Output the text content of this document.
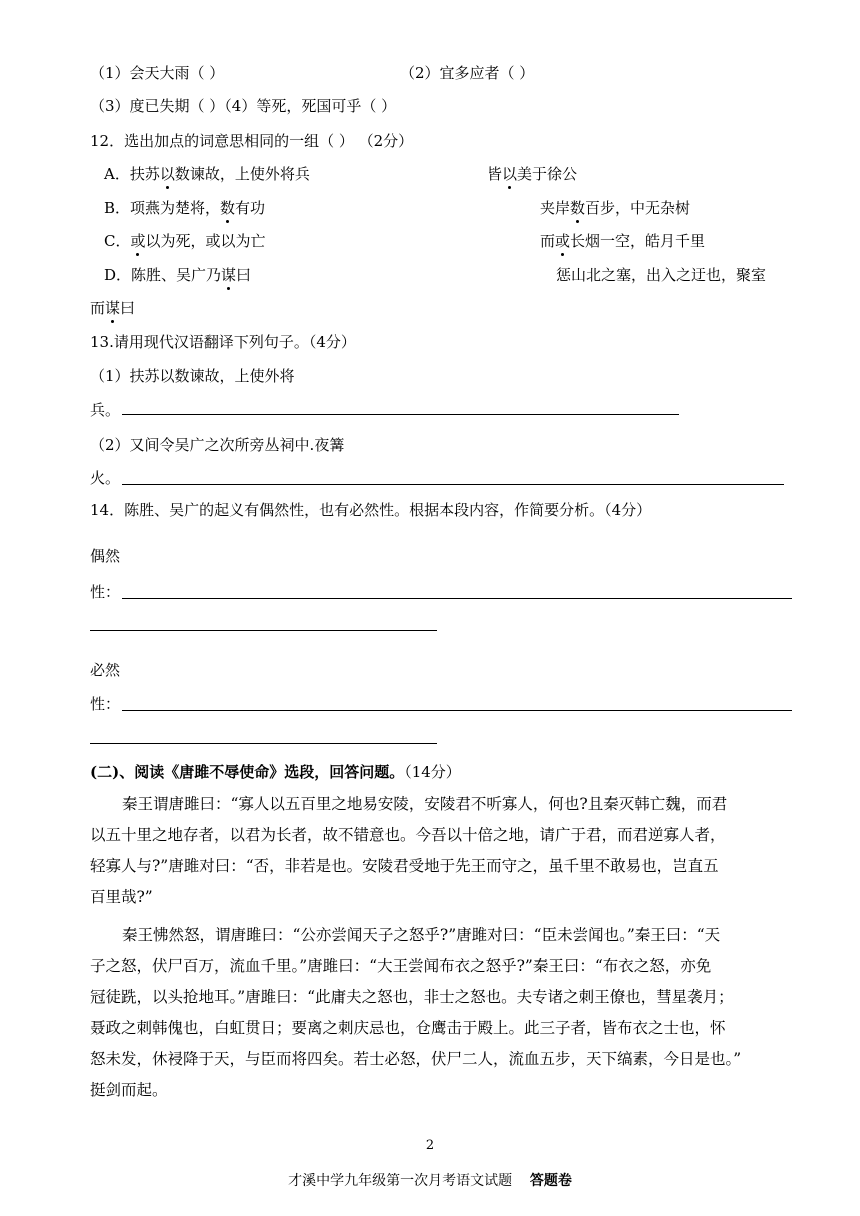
（1）会天大雨（ ）	（2）宜多应者（ ）
（3）度已失期（ ）（4）等死，死国可乎（ ）
12．选出加点的词意思相同的一组（ ） （2分）
A．扶苏以数谏故，上使外将兵	皆以美于徐公
B．项燕为楚将，数有功	夹岸数百步，中无杂树
C．或以为死，或以为亡	而或长烟一空，皓月千里
D．陈胜、吴广乃谋曰	惩山北之塞，出入之迂也，聚室
而谋曰
13.请用现代汉语翻译下列句子。（4分）
（1）扶苏以数谏故，上使外将
兵。
（2）又间令吴广之次所旁丛祠中.夜篝
火。
14．陈胜、吴广的起义有偶然性，也有必然性。根据本段内容，作简要分析。（4分）
偶然
性：
必然
性：
(二)、阅读《唐雎不辱使命》选段，回答问题。（14分）
秦王谓唐雎曰：“寡人以五百里之地易安陵，安陵君不听寡人，何也?且秦灭韩亡魏，而君
以五十里之地存者，以君为长者，故不错意也。今吾以十倍之地，请广于君，而君逆寡人者，
轻寡人与?”唐雎对曰：“否，非若是也。安陵君受地于先王而守之，虽千里不敢易也，岂直五
百里哉?”
秦王怫然怒，谓唐雎曰：“公亦尝闻天子之怒乎?”唐雎对曰：“臣未尝闻也。”秦王曰：“天
子之怒，伏尸百万，流血千里。”唐雎曰：“大王尝闻布衣之怒乎?”秦王曰：“布衣之怒，亦免
冠徒跣，以头抢地耳。”唐雎曰：“此庸夫之怒也，非士之怒也。夫专诸之刺王僚也，彗星袭月；
聂政之刺韩傀也，白虹贯日；要离之刺庆忌也，仓鹰击于殿上。此三子者，皆布衣之士也，怀
怒未发，休祲降于天，与臣而将四矣。若士必怒，伏尸二人，流血五步，天下缟素，今日是也。”
挺剑而起。
2
才溪中学九年级第一次月考语文试题 答题卷
